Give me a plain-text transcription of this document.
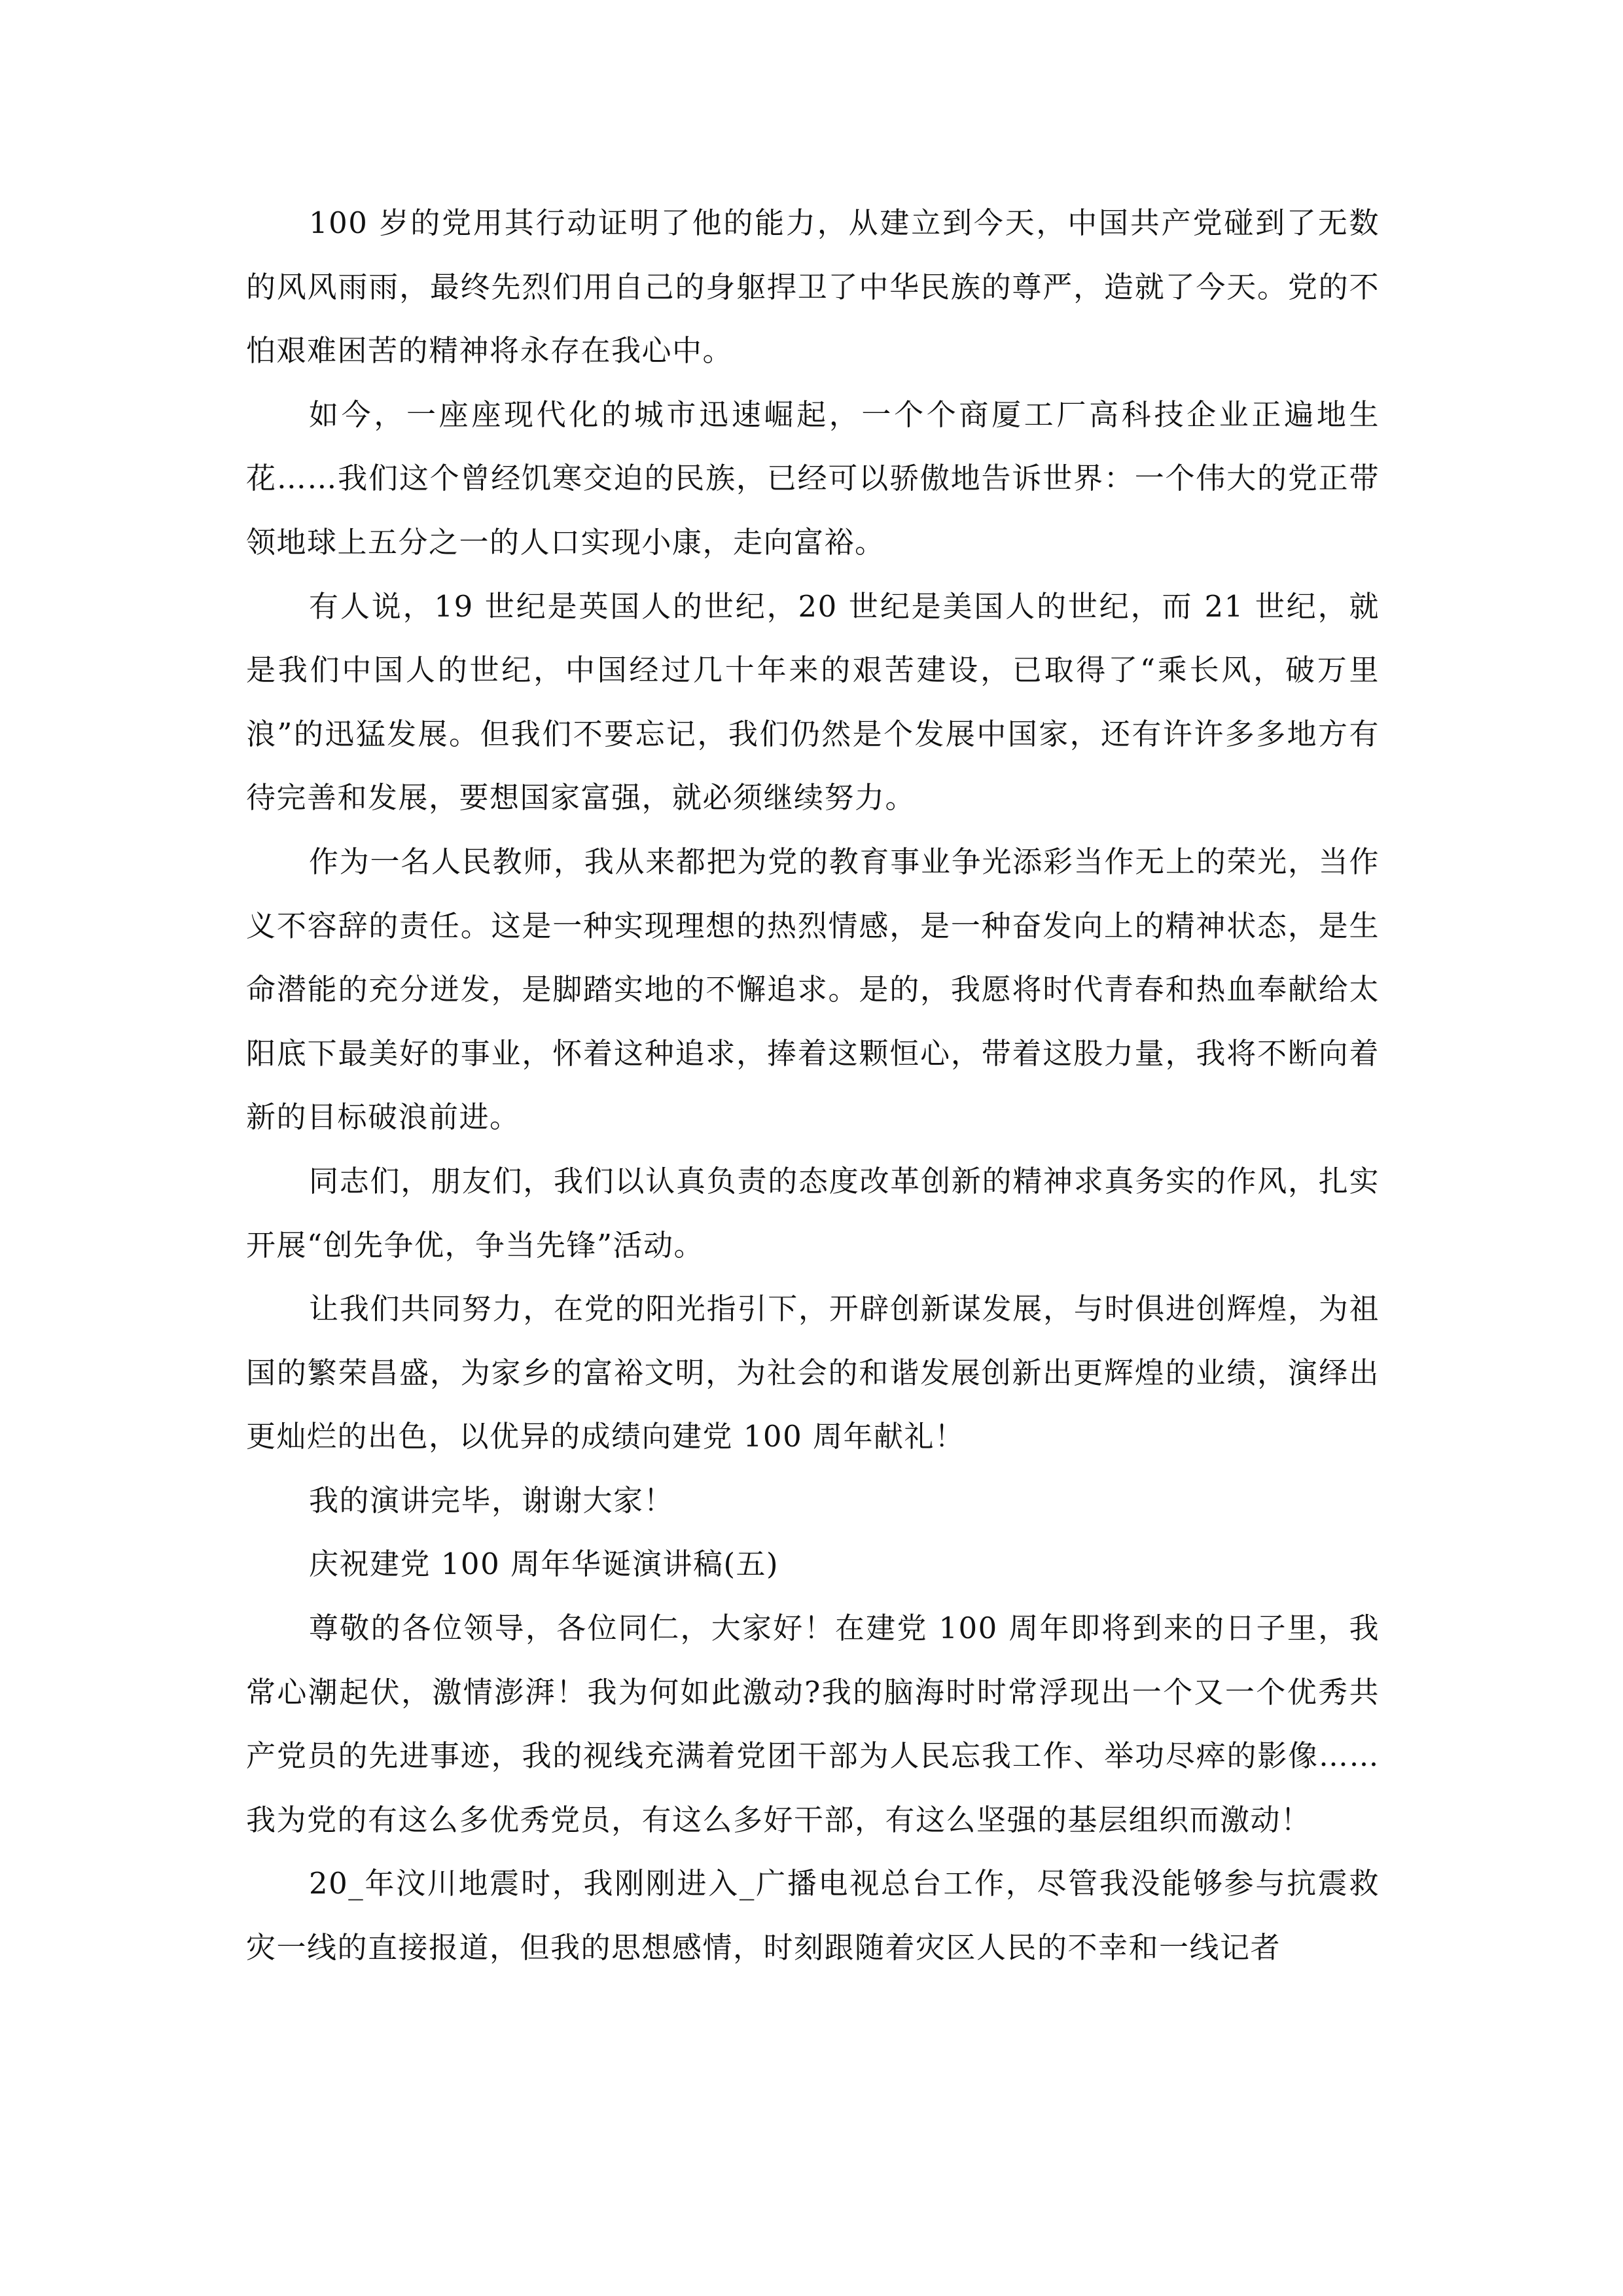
100 岁的党用其行动证明了他的能力，从建立到今天，中国共产党碰到了无数的风风雨雨，最终先烈们用自己的身躯捍卫了中华民族的尊严，造就了今天。党的不怕艰难困苦的精神将永存在我心中。

如今，一座座现代化的城市迅速崛起，一个个商厦工厂高科技企业正遍地生花……我们这个曾经饥寒交迫的民族，已经可以骄傲地告诉世界：一个伟大的党正带领地球上五分之一的人口实现小康，走向富裕。

有人说，19 世纪是英国人的世纪，20 世纪是美国人的世纪，而 21 世纪，就是我们中国人的世纪，中国经过几十年来的艰苦建设，已取得了“乘长风，破万里浪”的迅猛发展。但我们不要忘记，我们仍然是个发展中国家，还有许许多多地方有待完善和发展，要想国家富强，就必须继续努力。

作为一名人民教师，我从来都把为党的教育事业争光添彩当作无上的荣光，当作义不容辞的责任。这是一种实现理想的热烈情感，是一种奋发向上的精神状态，是生命潜能的充分迸发，是脚踏实地的不懈追求。是的，我愿将时代青春和热血奉献给太阳底下最美好的事业，怀着这种追求，捧着这颗恒心，带着这股力量，我将不断向着新的目标破浪前进。

同志们，朋友们，我们以认真负责的态度改革创新的精神求真务实的作风，扎实开展“创先争优，争当先锋”活动。

让我们共同努力，在党的阳光指引下，开辟创新谋发展，与时俱进创辉煌，为祖国的繁荣昌盛，为家乡的富裕文明，为社会的和谐发展创新出更辉煌的业绩，演绎出更灿烂的出色，以优异的成绩向建党 100 周年献礼！

我的演讲完毕，谢谢大家！

庆祝建党 100 周年华诞演讲稿(五)

尊敬的各位领导，各位同仁，大家好！在建党 100 周年即将到来的日子里，我常心潮起伏，激情澎湃！我为何如此激动?我的脑海时时常浮现出一个又一个优秀共产党员的先进事迹，我的视线充满着党团干部为人民忘我工作、举功尽瘁的影像……我为党的有这么多优秀党员，有这么多好干部，有这么坚强的基层组织而激动！

20_年汶川地震时，我刚刚进入_广播电视总台工作，尽管我没能够参与抗震救灾一线的直接报道，但我的思想感情，时刻跟随着灾区人民的不幸和一线记者
